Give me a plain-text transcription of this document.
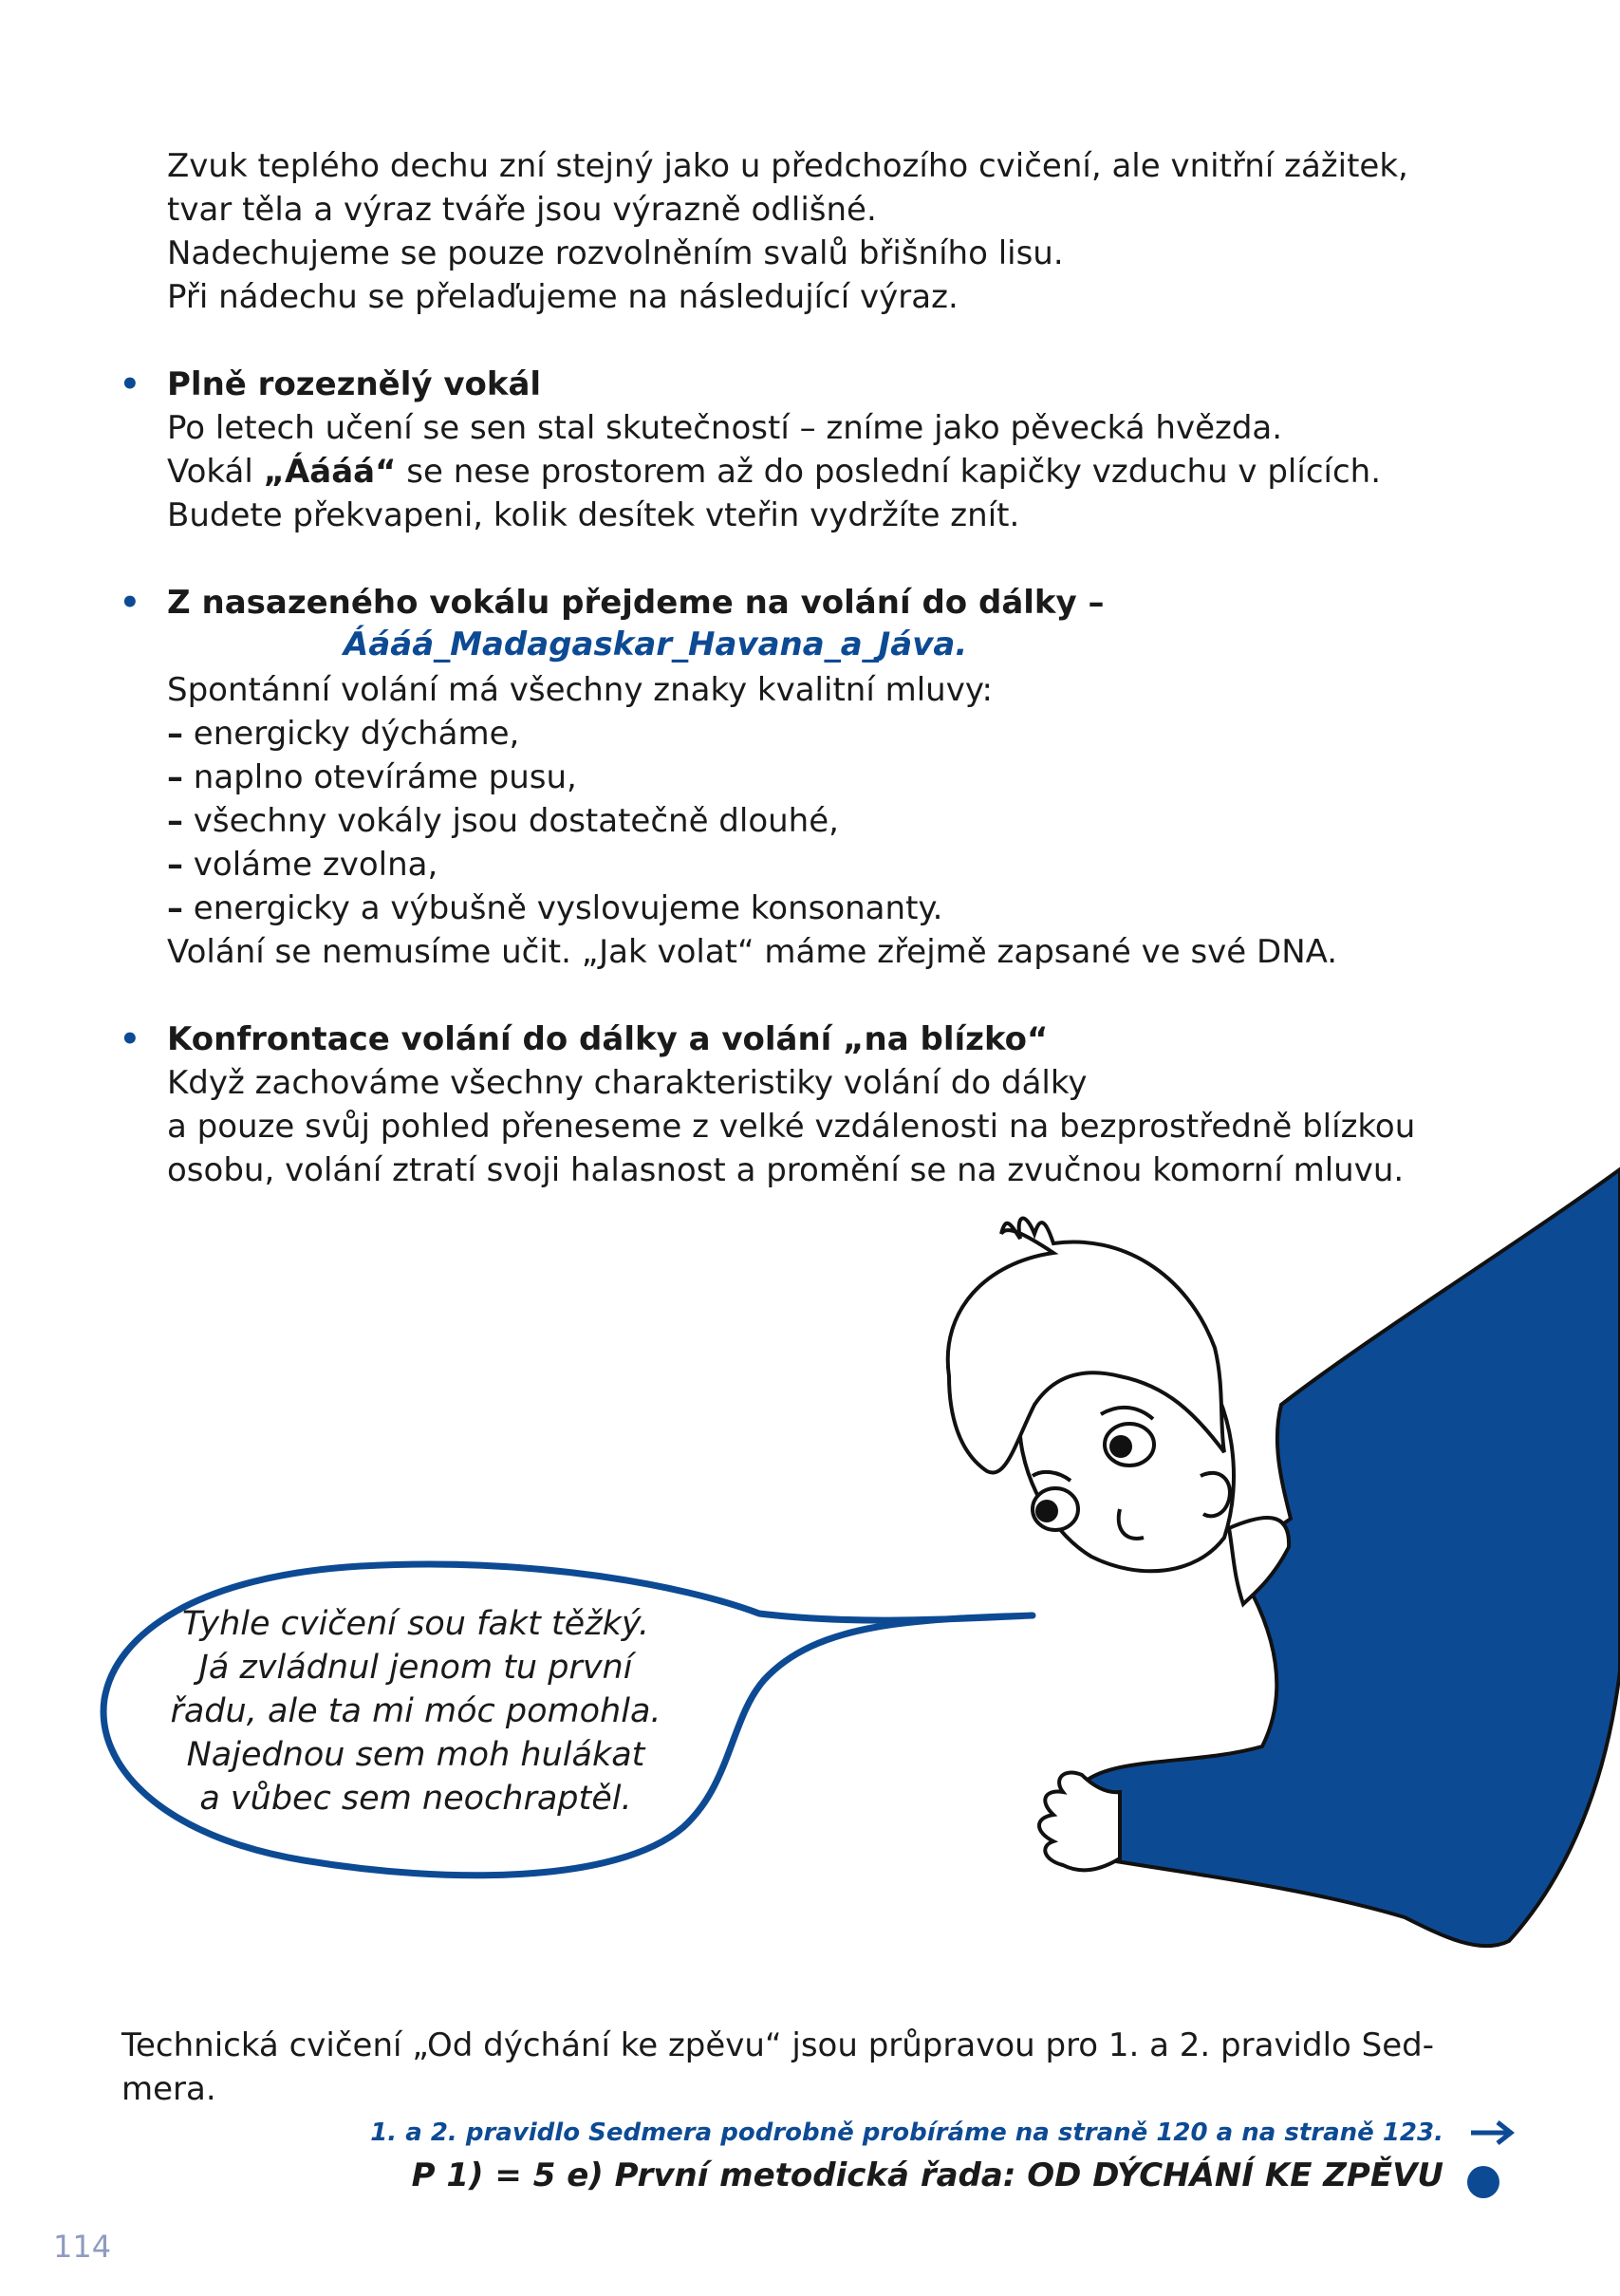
Zvuk teplého dechu zní stejný jako u předchozího cvičení, ale vnitřní zážitek,
tvar těla a výraz tváře jsou výrazně odlišné.
Nadechujeme se pouze rozvolněním svalů břišního lisu.
Při nádechu se přelaďujeme na následující výraz.
• Plně rozeznělý vokál
Po letech učení se sen stal skutečností – zníme jako pěvecká hvězda.
Vokál „Áááá“ se nese prostorem až do poslední kapičky vzduchu v plících.
Budete překvapeni, kolik desítek vteřin vydržíte znít.
• Z nasazeného vokálu přejdeme na volání do dálky –

Spontánní volání má všechny znaky kvalitní mluvy:
– energicky dýcháme,
– naplno otevíráme pusu,
– všechny vokály jsou dostatečně dlouhé,
– voláme zvolna,
– energicky a výbušně vyslovujeme konsonanty.
Volání se nemusíme učit. „Jak volat“ máme zřejmě zapsané ve své DNA.
Áááá_Madagaskar_Havana_a_Jáva.
• Konfrontace volání do dálky a volání „na blízko“
Když zachováme všechny charakteristiky volání do dálky
a pouze svůj pohled přeneseme z velké vzdálenosti na bezprostředně blízkou
osobu, volání ztratí svoji halasnost a promění se na zvučnou komorní mluvu.
Tyhle cvičení sou fakt těžký.
Já zvládnul jenom tu první
řadu, ale ta mi móc pomohla.
Najednou sem moh hulákat
a vůbec sem neochraptěl.
Technická cvičení „Od dýchání ke zpěvu“ jsou průpravou pro 1. a 2. pravidlo Sed-
mera.
1. a 2. pravidlo Sedmera podrobně probíráme na straně 120 a na straně 123.
P 1) = 5 e) První metodická řada: OD DÝCHÁNÍ KE ZPĚVU
114
